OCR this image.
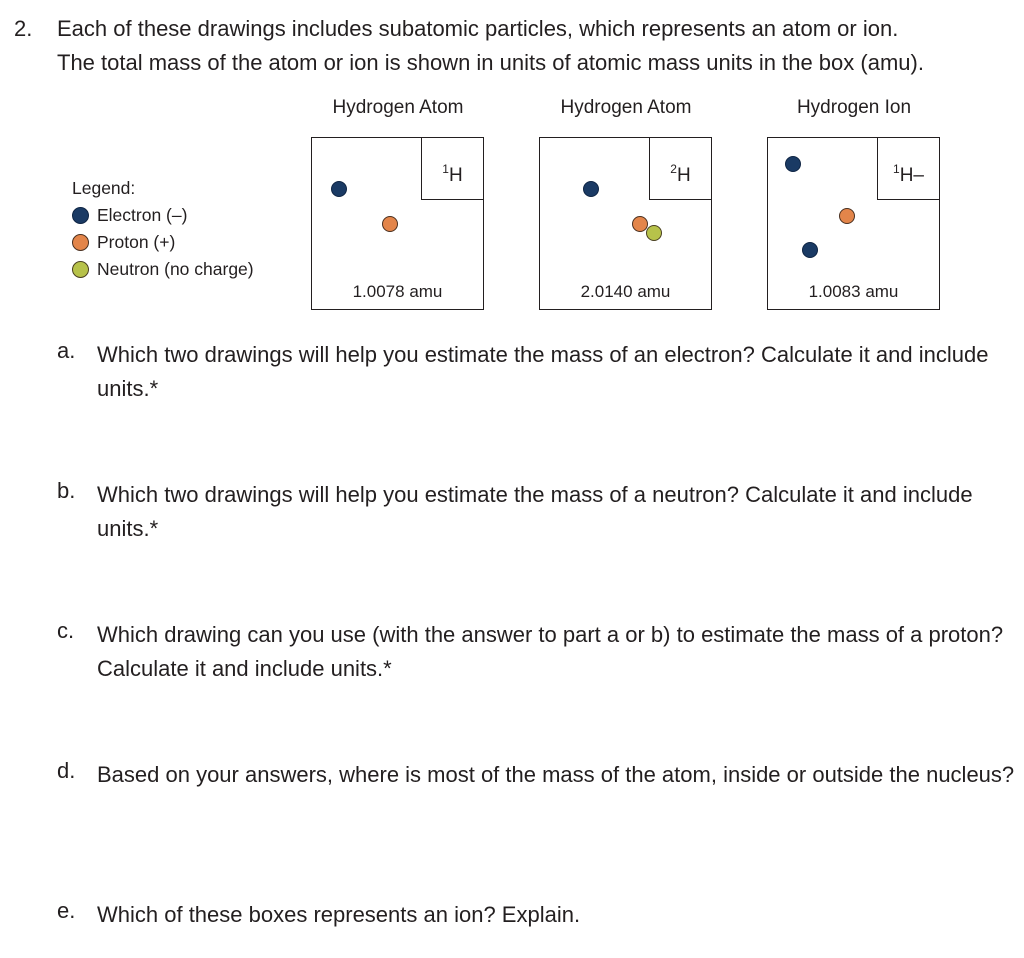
2. Each of these drawings includes subatomic particles, which represents an atom or ion.
The total mass of the atom or ion is shown in units of atomic mass units in the box (amu).
Hydrogen Atom	Hydrogen Atom	Hydrogen Ion
Legend:
Electron (–)
Proton (+)
Neutron (no charge)
$^1$H
1.0078 amu
$^2$H
2.0140 amu
$^1$H–
1.0083 amu
a. Which two drawings will help you estimate the mass of an electron? Calculate it and include units.*
b. Which two drawings will help you estimate the mass of a neutron? Calculate it and include units.*
c. Which drawing can you use (with the answer to part a or b) to estimate the mass of a proton? Calculate it and include units.*
d. Based on your answers, where is most of the mass of the atom, inside or outside the nucleus?
e. Which of these boxes represents an ion? Explain.
